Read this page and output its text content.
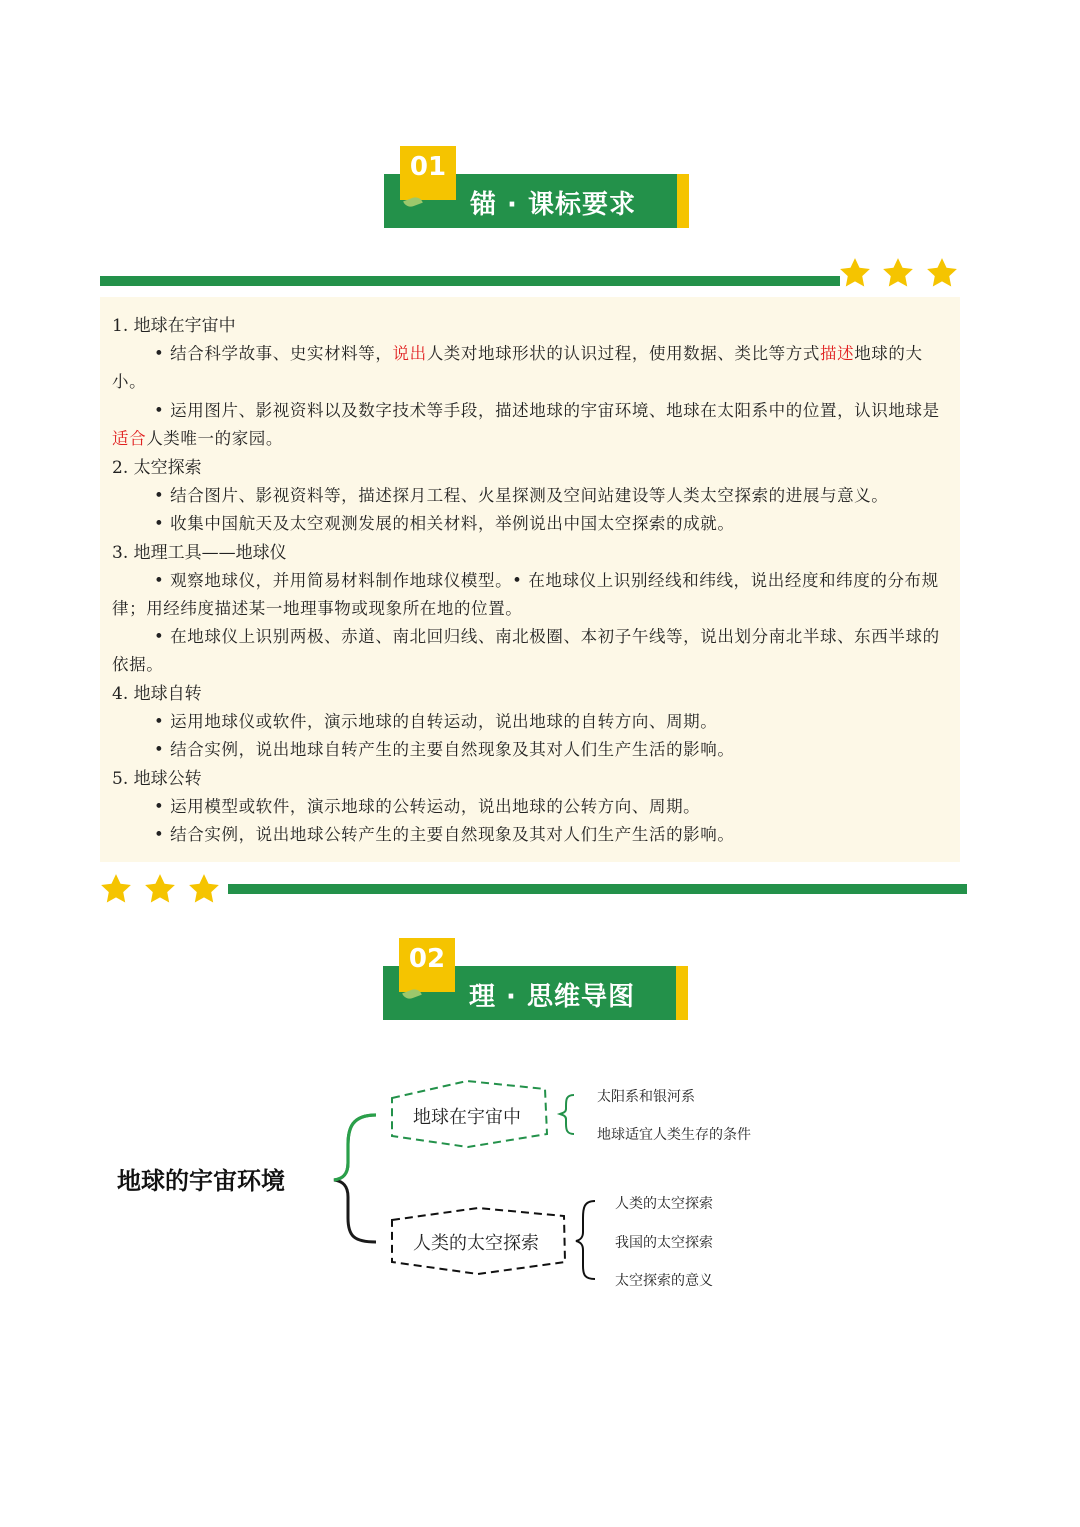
01
锚 · 课标要求
1. 地球在宇宙中
• 结合科学故事、史实材料等，说出人类对地球形状的认识过程，使用数据、类比等方式描述地球的大小。
• 运用图片、影视资料以及数字技术等手段，描述地球的宇宙环境、地球在太阳系中的位置，认识地球是适合人类唯一的家园。
2. 太空探索
• 结合图片、影视资料等，描述探月工程、火星探测及空间站建设等人类太空探索的进展与意义。
• 收集中国航天及太空观测发展的相关材料，举例说出中国太空探索的成就。
3. 地理工具——地球仪
• 观察地球仪，并用简易材料制作地球仪模型。• 在地球仪上识别经线和纬线，说出经度和纬度的分布规律；用经纬度描述某一地理事物或现象所在地的位置。
• 在地球仪上识别两极、赤道、南北回归线、南北极圈、本初子午线等，说出划分南北半球、东西半球的依据。
4. 地球自转
• 运用地球仪或软件，演示地球的自转运动，说出地球的自转方向、周期。
• 结合实例，说出地球自转产生的主要自然现象及其对人们生产生活的影响。
5. 地球公转
• 运用模型或软件，演示地球的公转运动，说出地球的公转方向、周期。
• 结合实例，说出地球公转产生的主要自然现象及其对人们生产生活的影响。
02
理 · 思维导图
地球的宇宙环境
地球在宇宙中
人类的太空探索
太阳系和银河系
地球适宜人类生存的条件
人类的太空探索
我国的太空探索
太空探索的意义
